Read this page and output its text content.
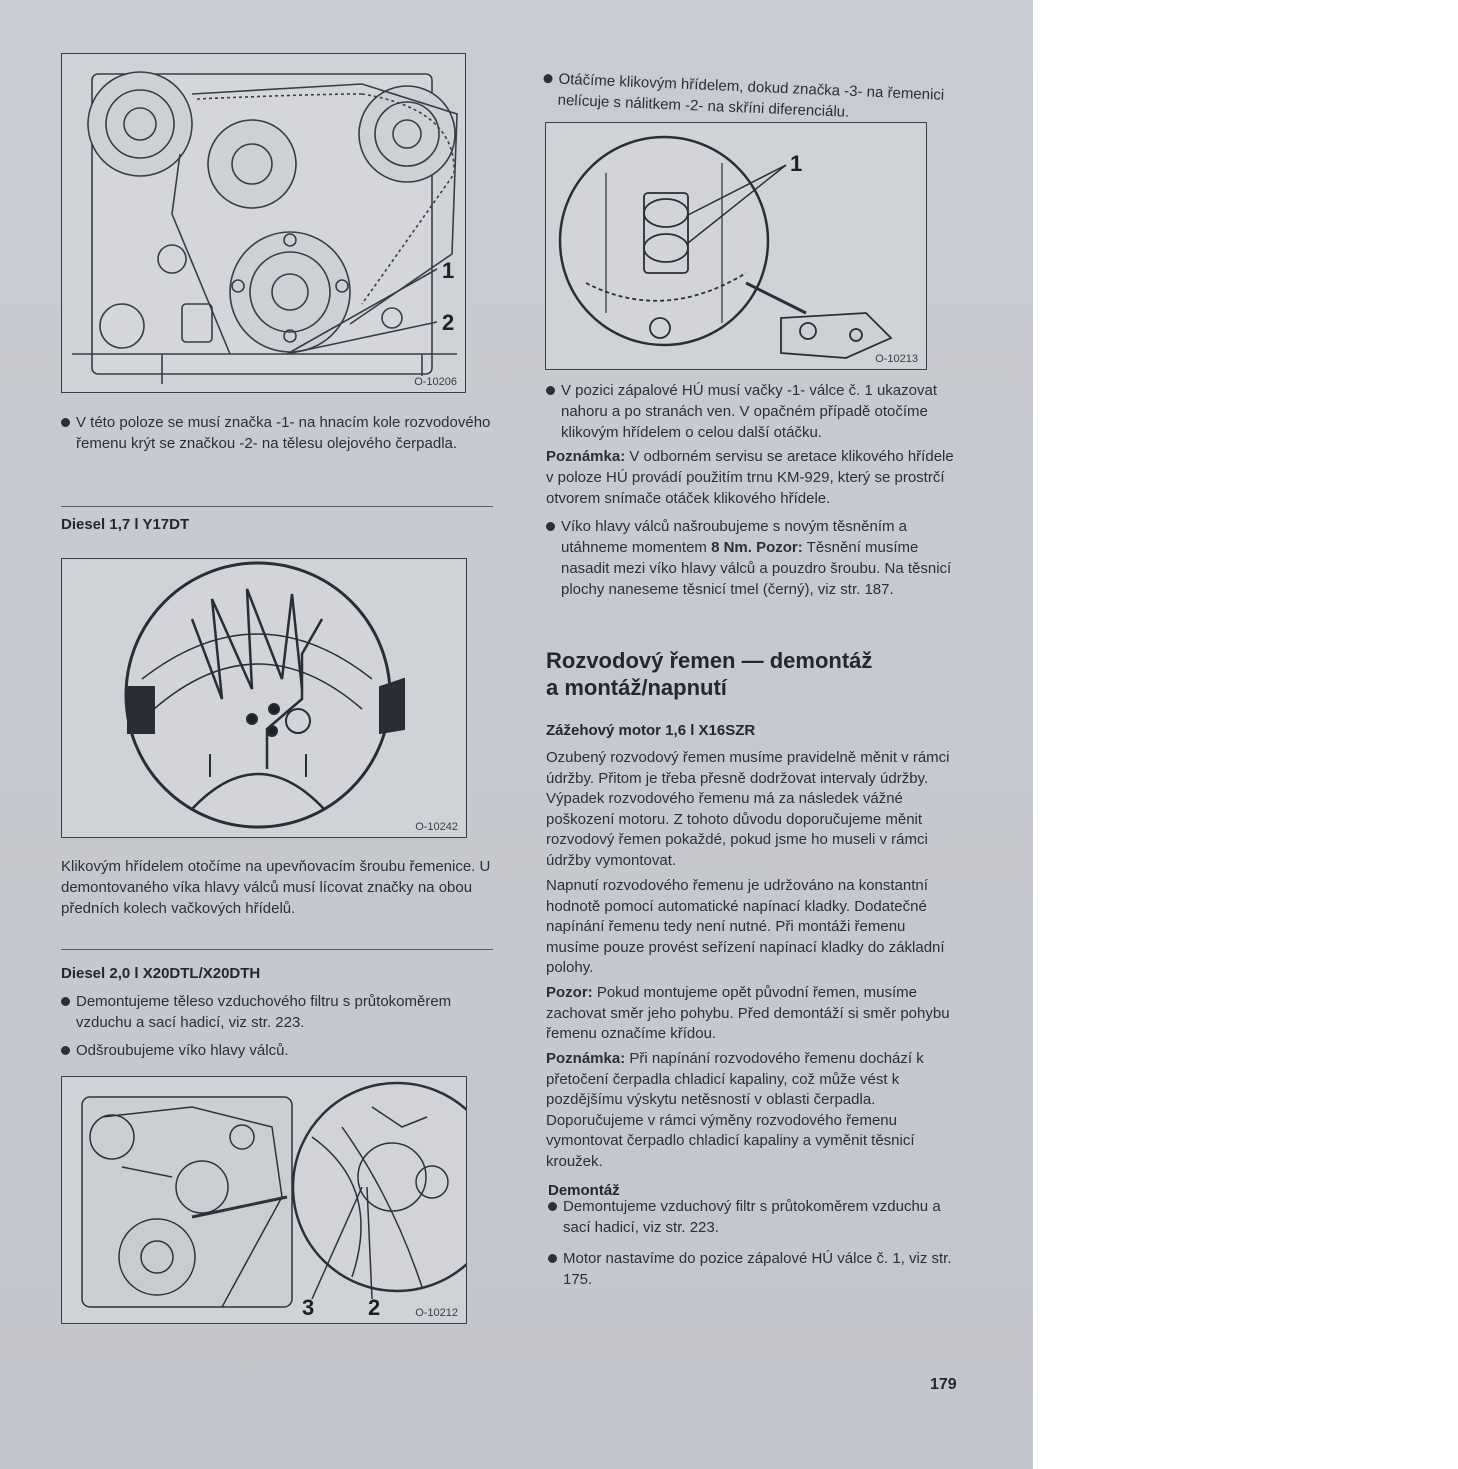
1
2
O-10206
V této poloze se musí značka -1- na hnacím kole rozvodového řemenu krýt se značkou -2- na tělesu olejového čerpadla.
Diesel 1,7 l Y17DT
O-10242
Klikovým hřídelem otočíme na upevňovacím šroubu řemenice. U demontovaného víka hlavy válců musí lícovat značky na obou předních kolech vačkových hřídelů.
Diesel 2,0 l X20DTL/X20DTH
Demontujeme těleso vzduchového filtru s průtokoměrem vzduchu a sací hadicí, viz str. 223.
Odšroubujeme víko hlavy válců.
3 2	O-10212
Otáčíme klikovým hřídelem, dokud značka -3- na řemenici nelícuje s nálitkem -2- na skříni diferenciálu.
1
O-10213
V pozici zápalové HÚ musí vačky -1- válce č. 1 ukazovat nahoru a po stranách ven. V opačném případě otočíme klikovým hřídelem o celou další otáčku.
Poznámka: V odborném servisu se aretace klikového hřídele v poloze HÚ provádí použitím trnu KM-929, který se prostrčí otvorem snímače otáček klikového hřídele.
Víko hlavy válců našroubujeme s novým těsněním a utáhneme momentem 8 Nm. Pozor: Těsnění musíme nasadit mezi víko hlavy válců a pouzdro šroubu. Na těsnicí plochy naneseme těsnicí tmel (černý), viz str. 187.
Rozvodový řemen — demontáž a montáž/napnutí
Zážehový motor 1,6 l X16SZR
Ozubený rozvodový řemen musíme pravidelně měnit v rámci údržby. Přitom je třeba přesně dodržovat intervaly údržby. Výpadek rozvodového řemenu má za následek vážné poškození motoru. Z tohoto důvodu doporučujeme měnit rozvodový řemen pokaždé, pokud jsme ho museli v rámci údržby vymontovat.
Napnutí rozvodového řemenu je udržováno na konstantní hodnotě pomocí automatické napínací kladky. Dodatečné napínání řemenu tedy není nutné. Při montáži řemenu musíme pouze provést seřízení napínací kladky do základní polohy.
Pozor: Pokud montujeme opět původní řemen, musíme zachovat směr jeho pohybu. Před demontáží si směr pohybu řemenu označíme křídou.
Poznámka: Při napínání rozvodového řemenu dochází k přetočení čerpadla chladicí kapaliny, což může vést k pozdějšímu výskytu netěsností v oblasti čerpadla. Doporučujeme v rámci výměny rozvodového řemenu vymontovat čerpadlo chladicí kapaliny a vyměnit těsnicí kroužek.
Demontáž
Demontujeme vzduchový filtr s průtokoměrem vzduchu a sací hadicí, viz str. 223.
Motor nastavíme do pozice zápalové HÚ válce č. 1, viz str. 175.
179
